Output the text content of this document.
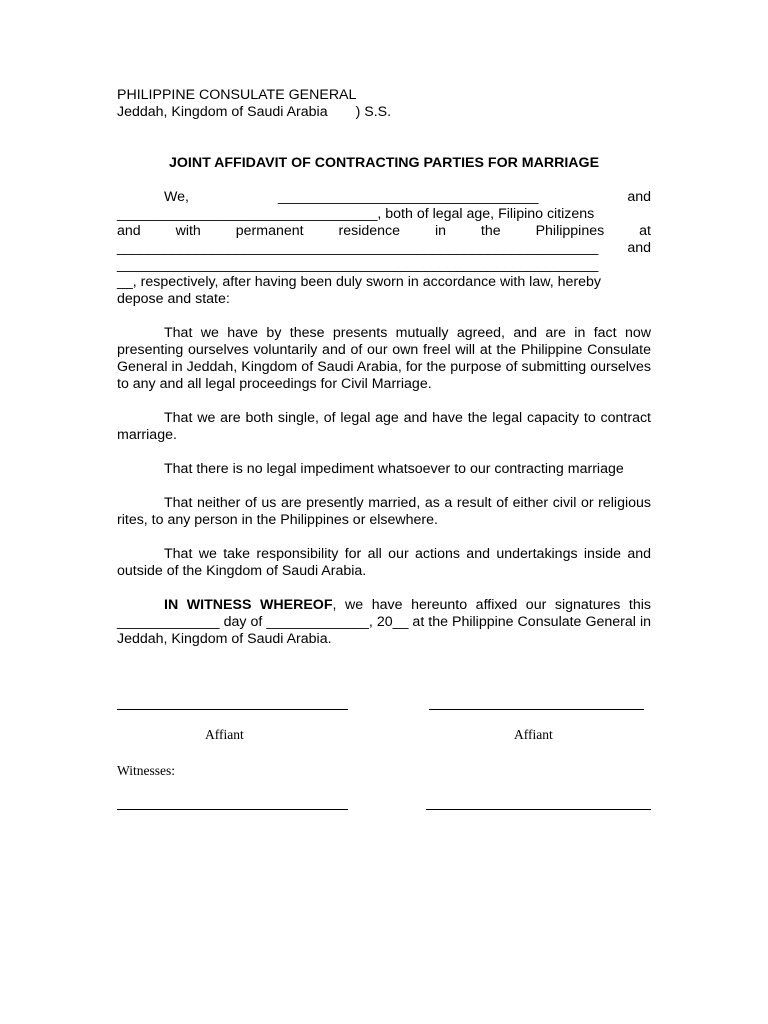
PHILIPPINE CONSULATE GENERAL
Jeddah, Kingdom of Saudi Arabia ) S.S.
JOINT AFFIDAVIT OF CONTRACTING PARTIES FOR MARRIAGE
We,	_________________________________	and
_________________________________, both of legal age, Filipino citizens
and with permanent residence in the Philippines at
_____________________________________________________________ and
_____________________________________________________________
__, respectively, after having been duly sworn in accordance with law, hereby
depose and state:

That we have by these presents mutually agreed, and are in fact now presenting ourselves voluntarily and of our own freel will at the Philippine Consulate General in Jeddah, Kingdom of Saudi Arabia, for the purpose of submitting ourselves to any and all legal proceedings for Civil Marriage.

That we are both single, of legal age and have the legal capacity to contract marriage.

That there is no legal impediment whatsoever to our contracting marriage

That neither of us are presently married, as a result of either civil or religious rites, to any person in the Philippines or elsewhere.

That we take responsibility for all our actions and undertakings inside and outside of the Kingdom of Saudi Arabia.

IN WITNESS WHEREOF, we have hereunto affixed our signatures this _____________ day of _____________, 20__ at the Philippine Consulate General in Jeddah, Kingdom of Saudi Arabia.

Affiant	Affiant
Witnesses:
